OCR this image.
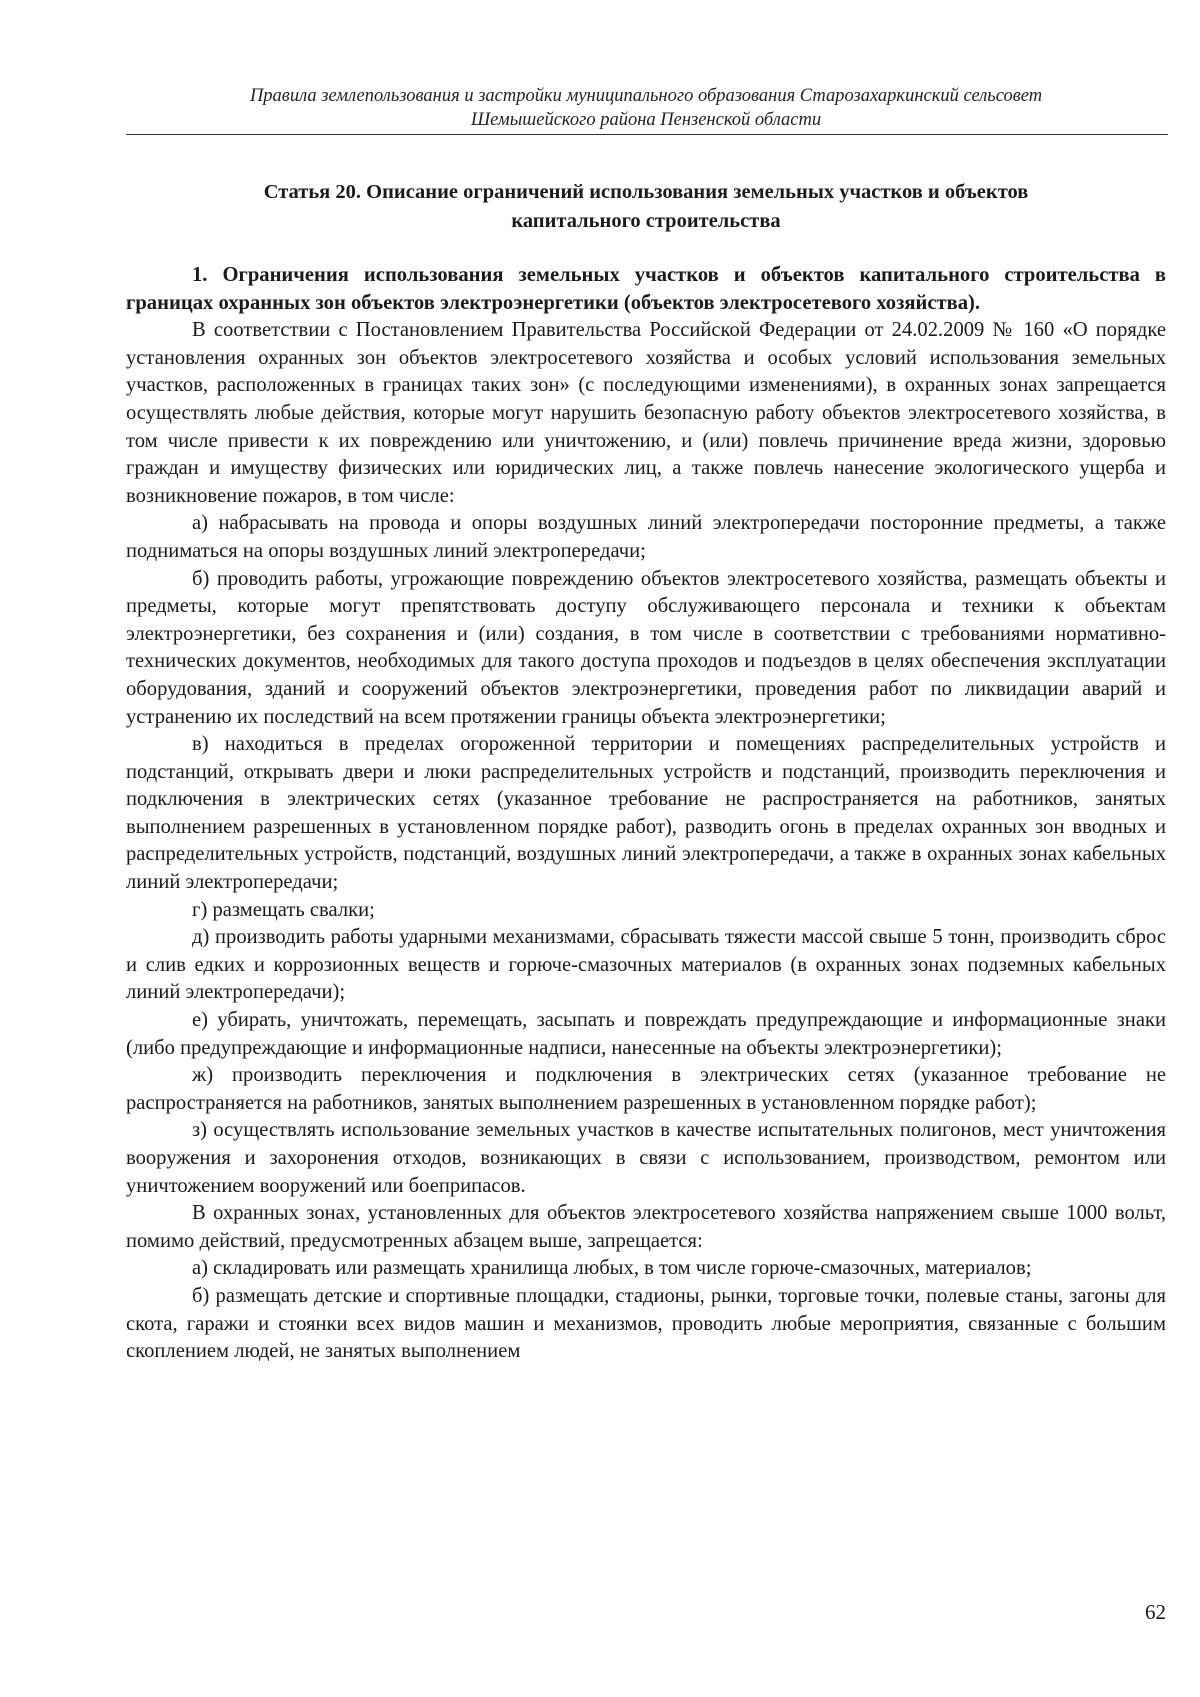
Правила землепользования и застройки муниципального образования Старозахаркинский сельсовет
Шемышейского района Пензенской области
Статья 20. Описание ограничений использования земельных участков и объектов
капитального строительства

1. Ограничения использования земельных участков и объектов капитального строительства в границах охранных зон объектов электроэнергетики (объектов электросетевого хозяйства).

В соответствии с Постановлением Правительства Российской Федерации от 24.02.2009 № 160 «О порядке установления охранных зон объектов электросетевого хозяйства и особых условий использования земельных участков, расположенных в границах таких зон» (с последующими изменениями), в охранных зонах запрещается осуществлять любые действия, которые могут нарушить безопасную работу объектов электросетевого хозяйства, в том числе привести к их повреждению или уничтожению, и (или) повлечь причинение вреда жизни, здоровью граждан и имуществу физических или юридических лиц, а также повлечь нанесение экологического ущерба и возникновение пожаров, в том числе:

а) набрасывать на провода и опоры воздушных линий электропередачи посторонние предметы, а также подниматься на опоры воздушных линий электропередачи;

б) проводить работы, угрожающие повреждению объектов электросетевого хозяйства, размещать объекты и предметы, которые могут препятствовать доступу обслуживающего персонала и техники к объектам электроэнергетики, без сохранения и (или) создания, в том числе в соответствии с требованиями нормативно-технических документов, необходимых для такого доступа проходов и подъездов в целях обеспечения эксплуатации оборудования, зданий и сооружений объектов электроэнергетики, проведения работ по ликвидации аварий и устранению их последствий на всем протяжении границы объекта электроэнергетики;

в) находиться в пределах огороженной территории и помещениях распределительных устройств и подстанций, открывать двери и люки распределительных устройств и подстанций, производить переключения и подключения в электрических сетях (указанное требование не распространяется на работников, занятых выполнением разрешенных в установленном порядке работ), разводить огонь в пределах охранных зон вводных и распределительных устройств, подстанций, воздушных линий электропередачи, а также в охранных зонах кабельных линий электропередачи;

г) размещать свалки;

д) производить работы ударными механизмами, сбрасывать тяжести массой свыше 5 тонн, производить сброс и слив едких и коррозионных веществ и горюче-смазочных материалов (в охранных зонах подземных кабельных линий электропередачи);

е) убирать, уничтожать, перемещать, засыпать и повреждать предупреждающие и информационные знаки (либо предупреждающие и информационные надписи, нанесенные на объекты электроэнергетики);

ж) производить переключения и подключения в электрических сетях (указанное требование не распространяется на работников, занятых выполнением разрешенных в установленном порядке работ);

з) осуществлять использование земельных участков в качестве испытательных полигонов, мест уничтожения вооружения и захоронения отходов, возникающих в связи с использованием, производством, ремонтом или уничтожением вооружений или боеприпасов.

В охранных зонах, установленных для объектов электросетевого хозяйства напряжением свыше 1000 вольт, помимо действий, предусмотренных абзацем выше, запрещается:

а) складировать или размещать хранилища любых, в том числе горюче-смазочных, материалов;

б) размещать детские и спортивные площадки, стадионы, рынки, торговые точки, полевые станы, загоны для скота, гаражи и стоянки всех видов машин и механизмов, проводить любые мероприятия, связанные с большим скоплением людей, не занятых выполнением

62
